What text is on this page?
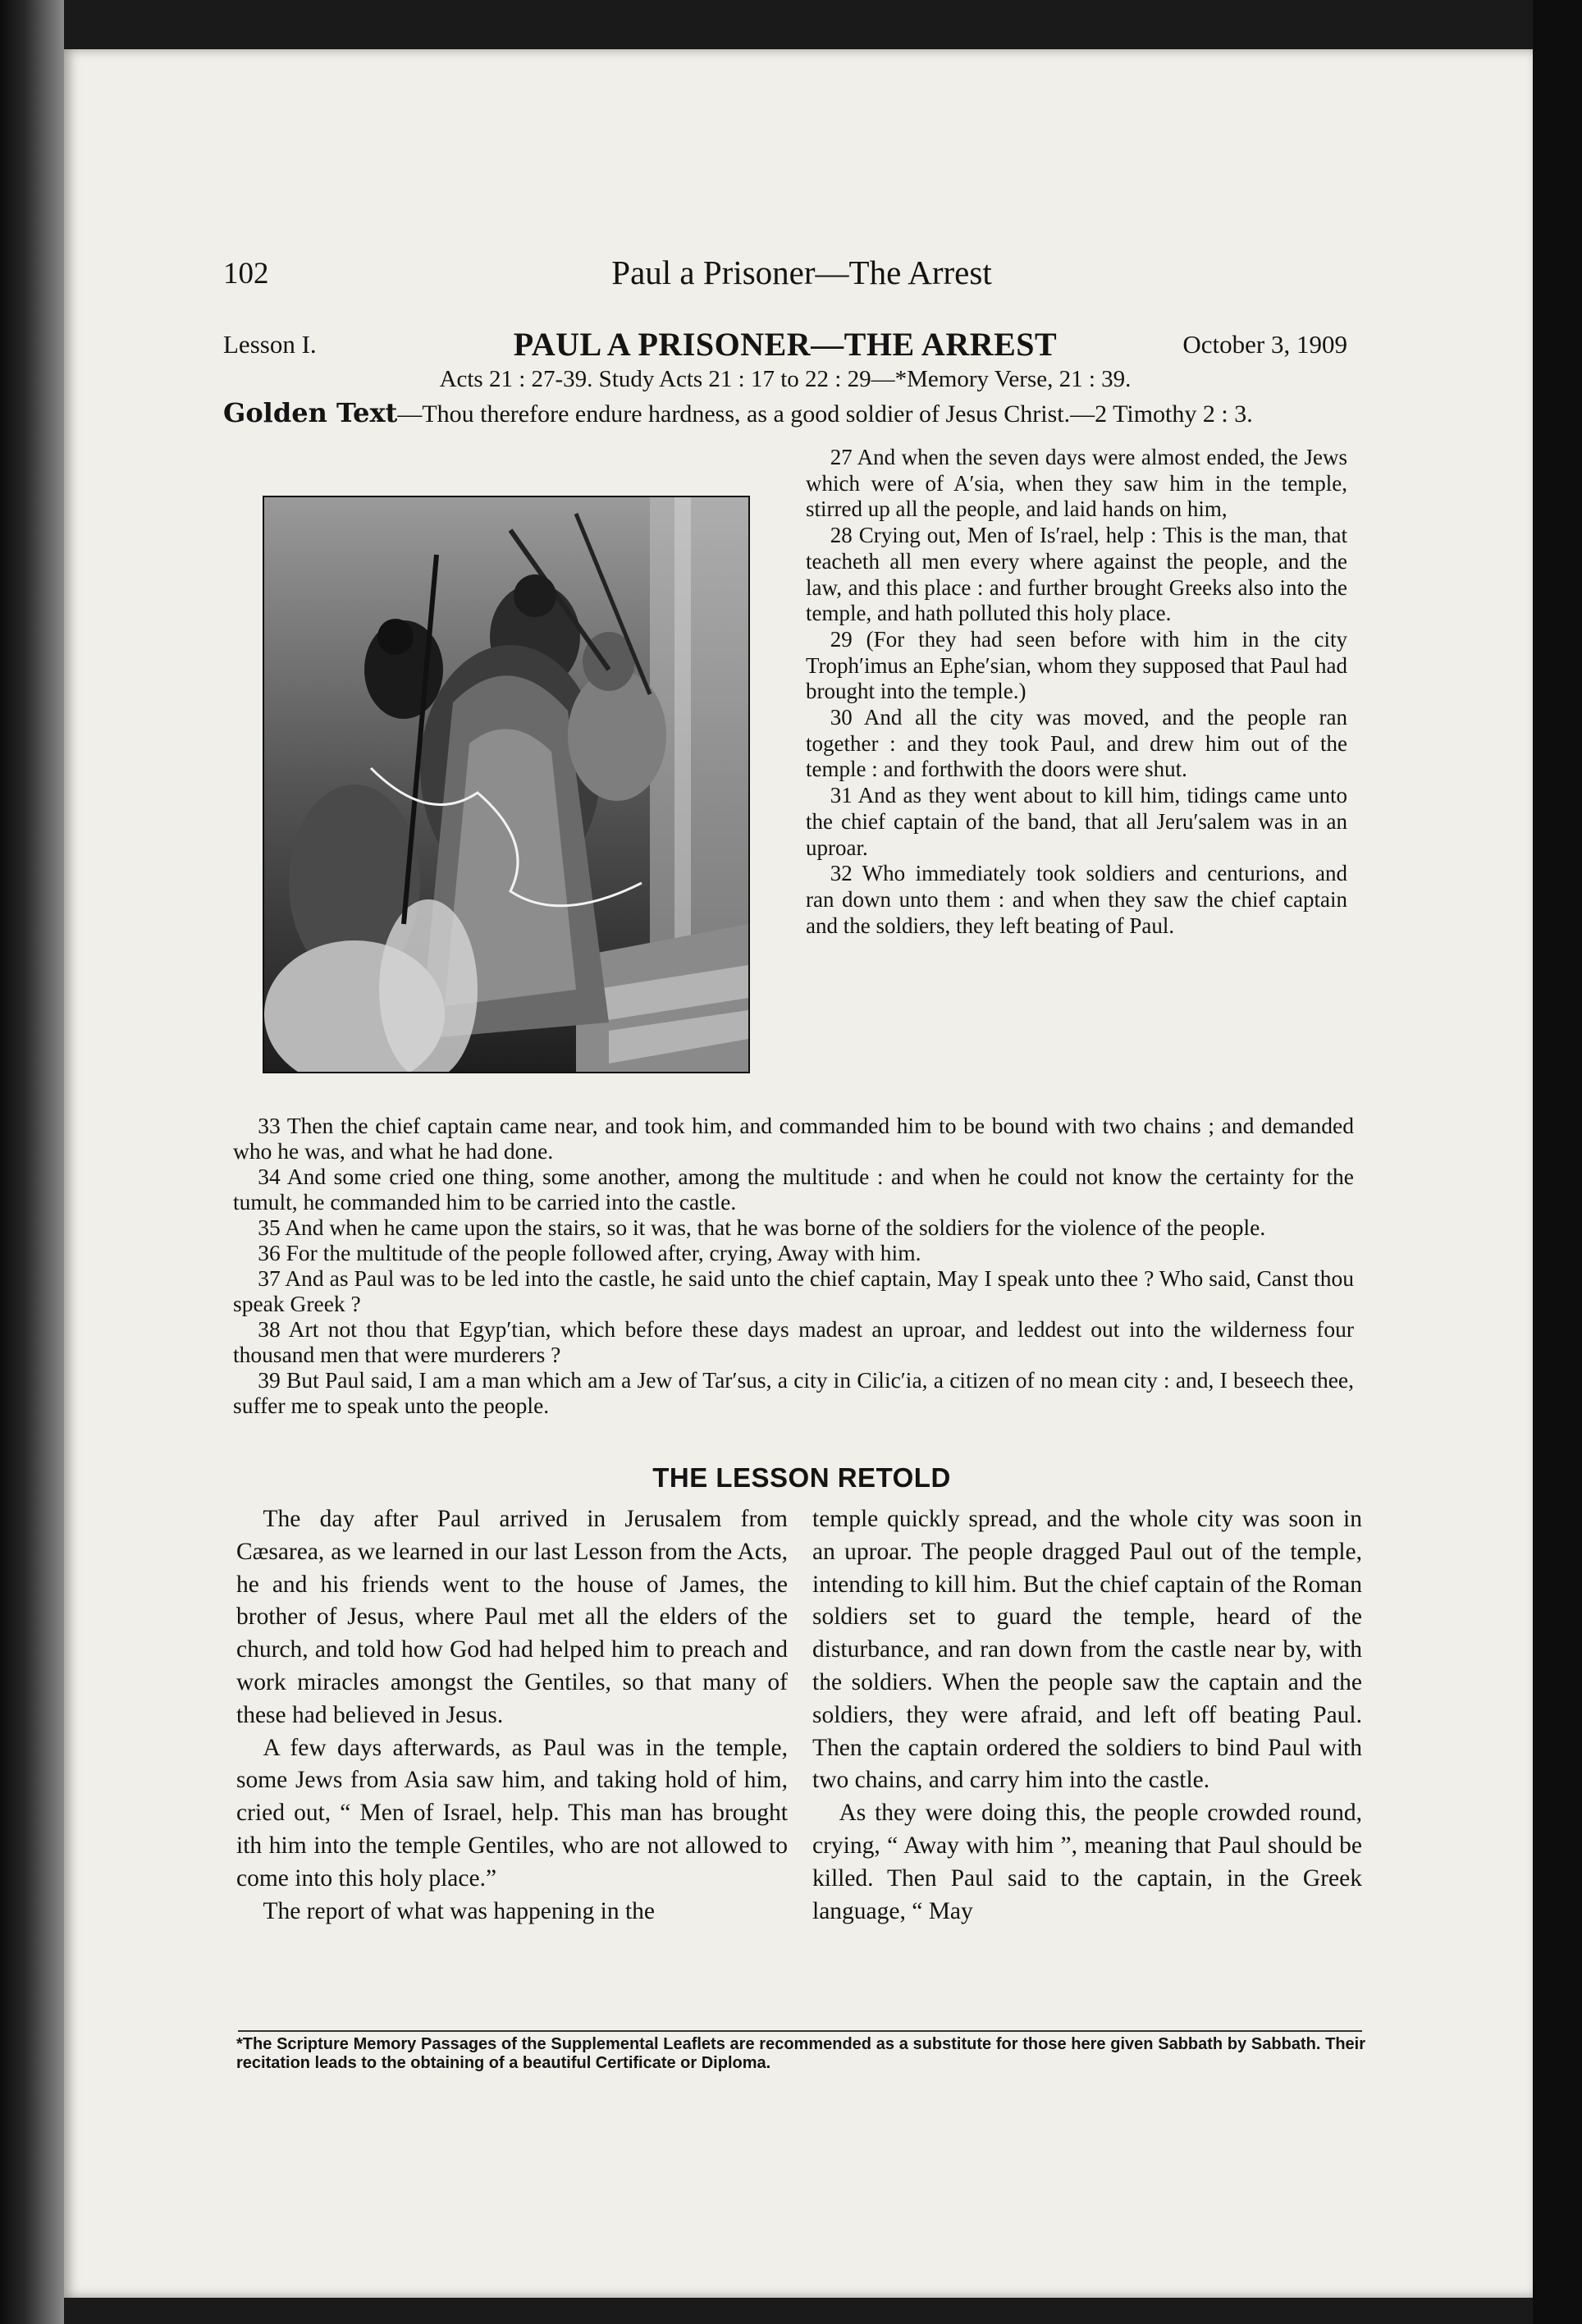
102	Paul a Prisoner—The Arrest
Lesson I.	PAUL A PRISONER—THE ARREST	October 3, 1909
Acts 21 : 27-39. Study Acts 21 : 17 to 22 : 29—*Memory Verse, 21 : 39.
Golden Text—Thou therefore endure hardness, as a good soldier of Jesus Christ.—2 Timothy 2 : 3.

27 And when the seven days were almost ended, the Jews which were of A′sia, when they saw him in the temple, stirred up all the people, and laid hands on him,

28 Crying out, Men of Is′rael, help : This is the man, that teacheth all men every where against the people, and the law, and this place : and further brought Greeks also into the temple, and hath polluted this holy place.

29 (For they had seen before with him in the city Troph′imus an Ephe′sian, whom they supposed that Paul had brought into the temple.)

30 And all the city was moved, and the people ran together : and they took Paul, and drew him out of the temple : and forthwith the doors were shut.

31 And as they went about to kill him, tidings came unto the chief captain of the band, that all Jeru′salem was in an uproar.

32 Who immediately took soldiers and centurions, and ran down unto them : and when they saw the chief captain and the soldiers, they left beating of Paul.

33 Then the chief captain came near, and took him, and commanded him to be bound with two chains ; and demanded who he was, and what he had done.

34 And some cried one thing, some another, among the multitude : and when he could not know the certainty for the tumult, he commanded him to be carried into the castle.

35 And when he came upon the stairs, so it was, that he was borne of the soldiers for the violence of the people.

36 For the multitude of the people followed after, crying, Away with him.

37 And as Paul was to be led into the castle, he said unto the chief captain, May I speak unto thee ? Who said, Canst thou speak Greek ?

38 Art not thou that Egyp′tian, which before these days madest an uproar, and leddest out into the wilderness four thousand men that were murderers ?

39 But Paul said, I am a man which am a Jew of Tar′sus, a city in Cilic′ia, a citizen of no mean city : and, I beseech thee, suffer me to speak unto the people.

THE LESSON RETOLD

The day after Paul arrived in Jerusalem from Cæsarea, as we learned in our last Lesson from the Acts, he and his friends went to the house of James, the brother of Jesus, where Paul met all the elders of the church, and told how God had helped him to preach and work miracles amongst the Gentiles, so that many of these had believed in Jesus.

A few days afterwards, as Paul was in the temple, some Jews from Asia saw him, and taking hold of him, cried out, “ Men of Israel, help. This man has brought ith him into the temple Gentiles, who are not allowed to come into this holy place.”

The report of what was happening in the

temple quickly spread, and the whole city was soon in an uproar. The people dragged Paul out of the temple, intending to kill him. But the chief captain of the Roman soldiers set to guard the temple, heard of the disturbance, and ran down from the castle near by, with the soldiers. When the people saw the captain and the soldiers, they were afraid, and left off beating Paul. Then the captain ordered the soldiers to bind Paul with two chains, and carry him into the castle.

As they were doing this, the people crowded round, crying, “ Away with him ”, meaning that Paul should be killed. Then Paul said to the captain, in the Greek language, “ May

*The Scripture Memory Passages of the Supplemental Leaflets are recommended as a substitute for those here given Sabbath by Sabbath. Their recitation leads to the obtaining of a beautiful Certificate or Diploma.
